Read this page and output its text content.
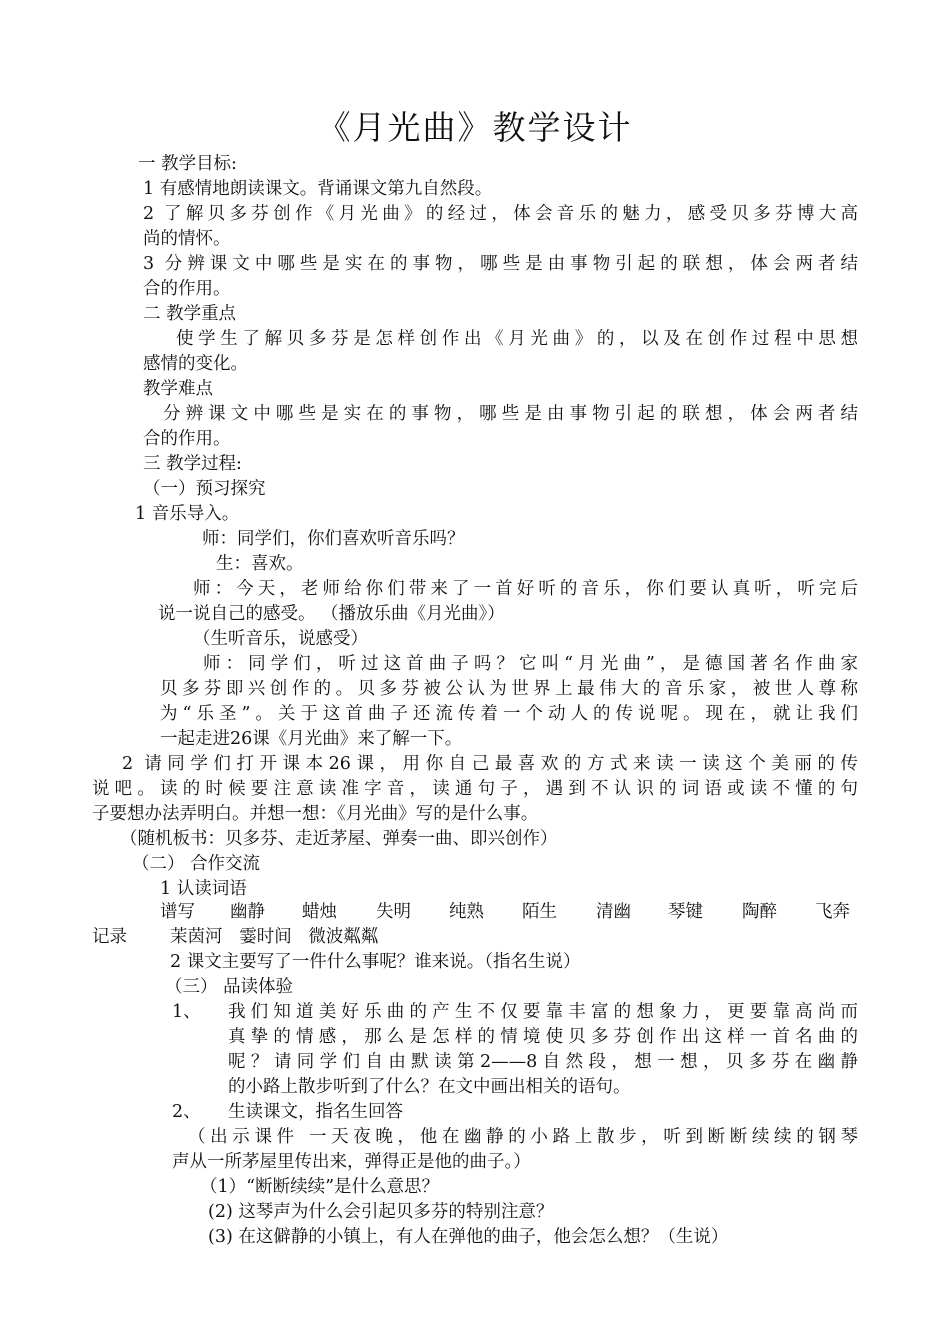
《月光曲》教学设计
一 教学目标:
1 有感情地朗读课文。背诵课文第九自然段。
2 了解贝多芬创作《月光曲》的经过，体会音乐的魅力，感受贝多芬博大高
尚的情怀。
3 分辨课文中哪些是实在的事物，哪些是由事物引起的联想，体会两者结
合的作用。
二 教学重点
使学生了解贝多芬是怎样创作出《月光曲》的，以及在创作过程中思想
感情的变化。
教学难点
分辨课文中哪些是实在的事物，哪些是由事物引起的联想，体会两者结
合的作用。
三 教学过程:
（一）预习探究
1 音乐导入。
师：同学们，你们喜欢听音乐吗？
生：喜欢。
师：今天，老师给你们带来了一首好听的音乐，你们要认真听，听完后
说一说自己的感受。 （播放乐曲《月光曲》）
（生听音乐，说感受）
师：同学们，听过这首曲子吗？它叫“月光曲”，是德国著名作曲家
贝多芬即兴创作的。贝多芬被公认为世界上最伟大的音乐家，被世人尊称
为“乐圣”。关于这首曲子还流传着一个动人的传说呢。现在，就让我们
一起走进26课《月光曲》来了解一下。
2 请同学们打开课本26课，用你自己最喜欢的方式来读一读这个美丽的传
说吧。读的时候要注意读准字音，读通句子，遇到不认识的词语或读不懂的句
子要想办法弄明白。并想一想：《月光曲》写的是什么事。
（随机板书：贝多芬、走近茅屋、弹奏一曲、即兴创作）
（二） 合作交流
1 认读词语
谱写 幽静 蜡烛 失明 纯熟 陌生 清幽 琴键 陶醉 飞奔
记录 茉茵河   霎时间   微波粼粼
2 课文主要写了一件什么事呢？谁来说。（指名生说）
（三） 品读体验
1、 我们知道美好乐曲的产生不仅要靠丰富的想象力，更要靠高尚而
真挚的情感，那么是怎样的情境使贝多芬创作出这样一首名曲的
呢？请同学们自由默读第2——8自然段，想一想，贝多芬在幽静
的小路上散步听到了什么？在文中画出相关的语句。
2、 生读课文，指名生回答
（出示课件 一天夜晚，他在幽静的小路上散步，听到断断续续的钢琴
声从一所茅屋里传出来，弹得正是他的曲子。）
（1）“断断续续”是什么意思？
(2) 这琴声为什么会引起贝多芬的特别注意？
(3) 在这僻静的小镇上，有人在弹他的曲子，他会怎么想？（生说）
